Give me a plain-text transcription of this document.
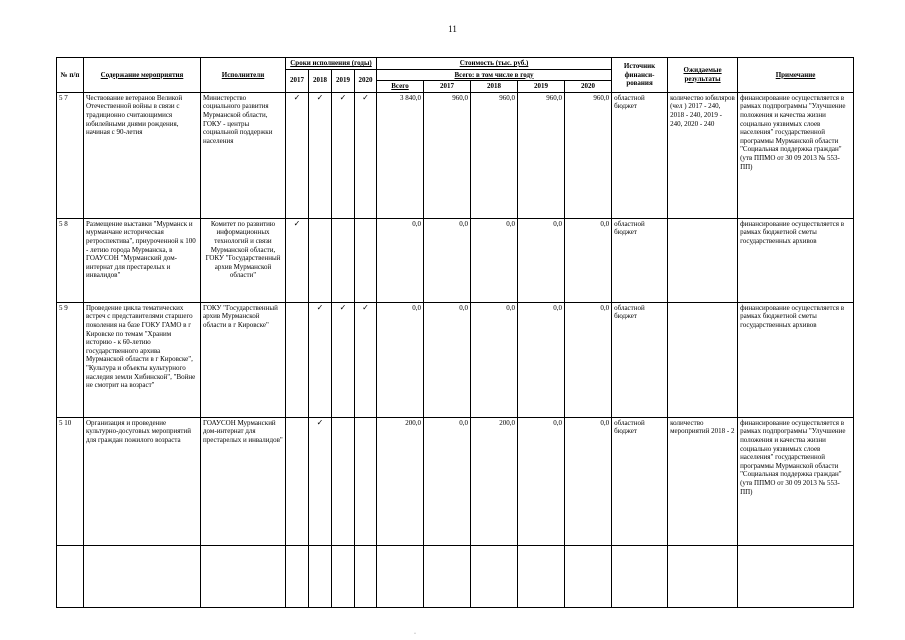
11
№ п/п	Содержание мероприятия	Исполнители	Сроки исполнения (годы)				Стоимость (тыс. руб.)					Источник финанси- рования	Ожидаемые результаты	Примечание
			2017	2018	2019	2020	Всего: в том числе в году							
							Всего	2017	2018	2019	2020			
5 7	Чествование ветеранов Великой Отечественной войны в связи с традиционно считающимися юбилейными днями рождения, начиная с 90-летия	Министерство социального развития Мурманской области, ГОКУ - центры социальной поддержки населения	✓	✓	✓	✓	3 840,0	960,0	960,0	960,0	960,0	областной бюджет	количество юбиляров (чел ) 2017 - 240, 2018 - 240, 2019 - 240, 2020 - 240	финансирование осуществляется в рамках подпрограммы "Улучшение положения и качества жизни социально уязвимых слоев населения" государственной программы Мурманской области "Социальная поддержка граждан" (утв ППМО от 30 09 2013 № 553-ПП)
5 8	Размещение выставки "Мурманск и мурманчане историческая ретроспектива", приуроченной к 100 - летию города Мурманска, в ГОАУСОН "Мурманский дом-интернат для престарелых и инвалидов"	Комитет по развитию информационных технологий и связи Мурманской области, ГОКУ "Государственный архив Мурманской области"	✓				0,0	0,0	0,0	0,0	0,0	областной бюджет		финансирование осуществляется в рамках бюджетной сметы государственных архивов
5 9	Проведение цикла тематических встреч с представителями старшего поколения на базе ГОКУ ГАМО в г Кировске по темам "Храним историю - к 60-летию государственного архива Мурманской области в г Кировске", "Культура и объекты культурного наследия земли Хибинской", "Войне не смотрит на возраст"	ГОКУ "Государственный архив Мурманской области в г Кировске"		✓	✓	✓	0,0	0,0	0,0	0,0	0,0	областной бюджет		финансирование осуществляется в рамках бюджетной сметы государственных архивов
5 10	Организация и проведение культурно-досуговых мероприятий для граждан пожилого возраста	ГОАУСОН Мурманский дом-интернат для престарелых и инвалидов"		✓			200,0	0,0	200,0	0,0	0,0	областной бюджет	количество мероприятий 2018 - 2	финансирование осуществляется в рамках подпрограммы "Улучшение положения и качества жизни социально уязвимых слоев населения" государственной программы Мурманской области "Социальная поддержка граждан" (утв ППМО от 30 09 2013 № 553-ПП)

·
